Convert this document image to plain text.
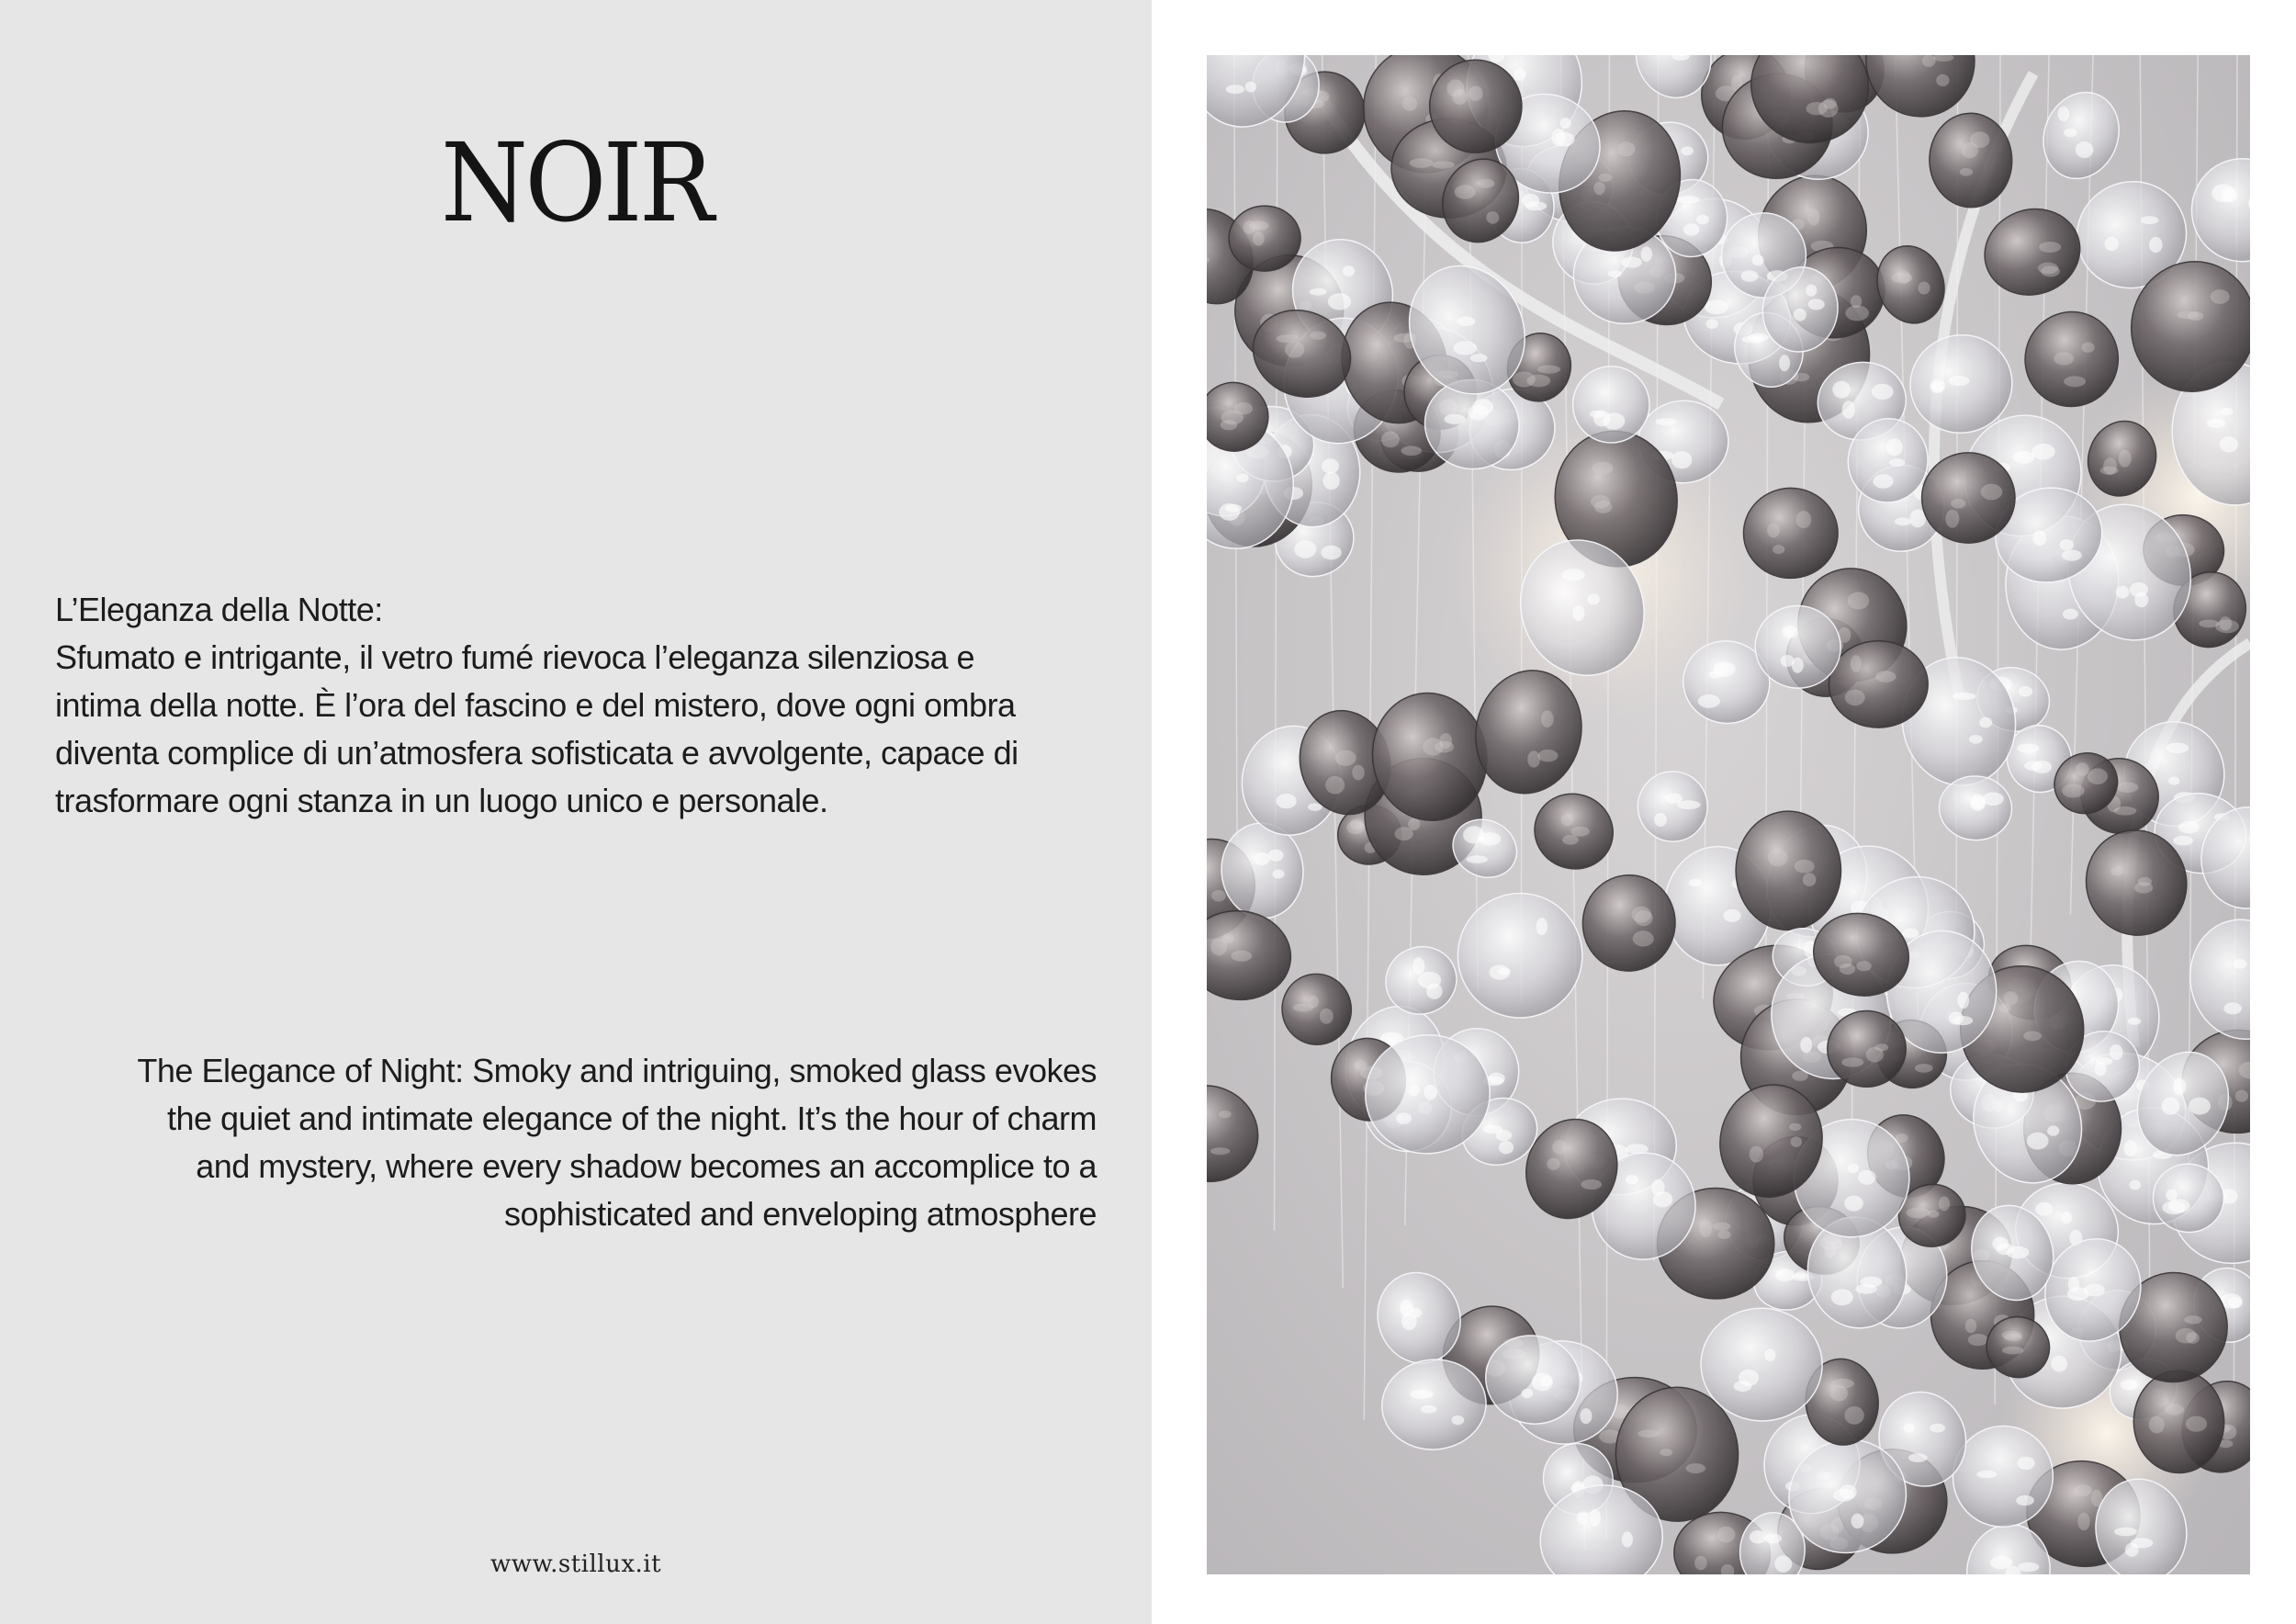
NOIR
L’Eleganza della Notte:
Sfumato e intrigante, il vetro fumé rievoca l’eleganza silenziosa e
intima della notte. È l’ora del fascino e del mistero, dove ogni ombra
diventa complice di un’atmosfera sofisticata e avvolgente, capace di
trasformare ogni stanza in un luogo unico e personale.
The Elegance of Night: Smoky and intriguing, smoked glass evokes
the quiet and intimate elegance of the night. It’s the hour of charm
and mystery, where every shadow becomes an accomplice to a
sophisticated and enveloping atmosphere
www.stillux.it
